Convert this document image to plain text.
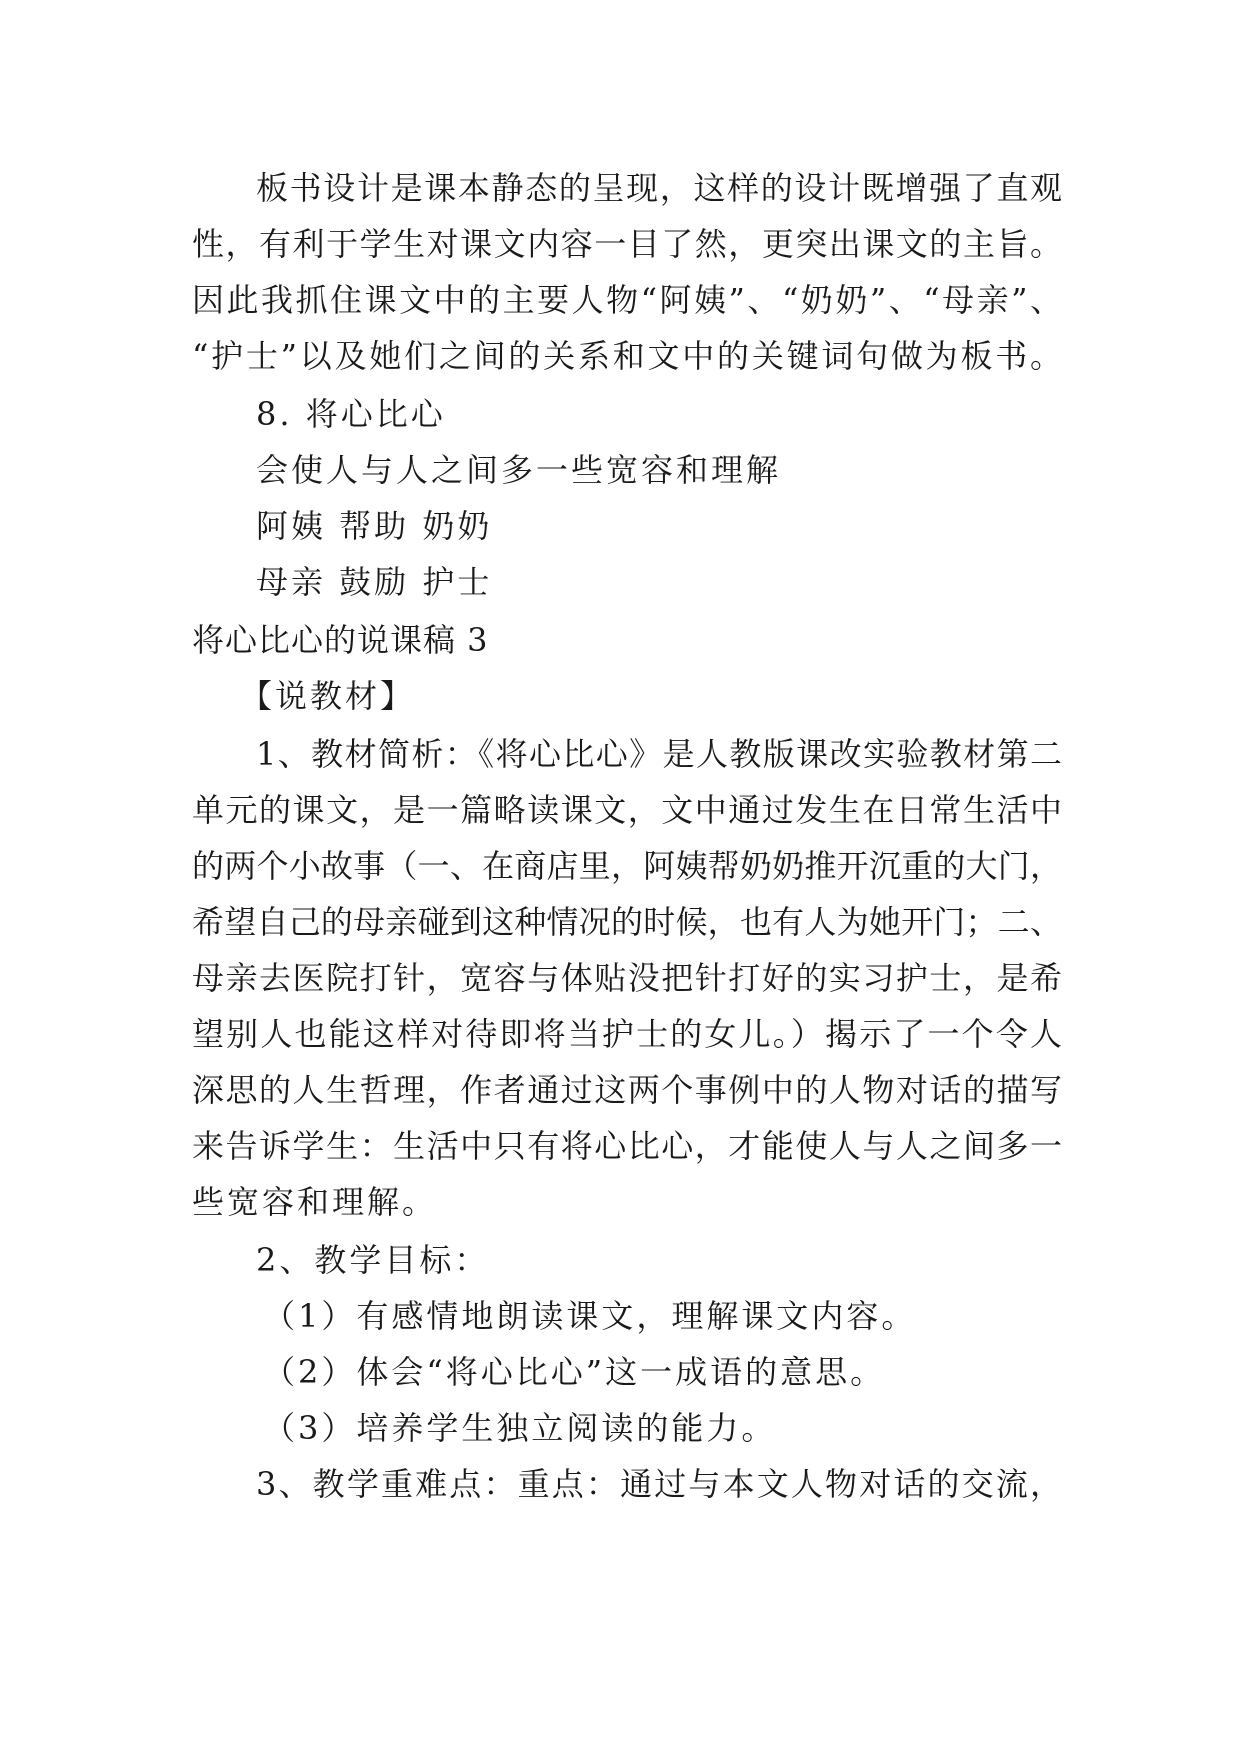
板书设计是课本静态的呈现，这样的设计既增强了直观

性，有利于学生对课文内容一目了然，更突出课文的主旨。

因此我抓住课文中的主要人物“阿姨”、“奶奶”、“母亲”、

“护士”以及她们之间的关系和文中的关键词句做为板书。

8. 将心比心

会使人与人之间多一些宽容和理解

阿姨 帮助 奶奶

母亲 鼓励 护士

将心比心的说课稿 3

【说教材】

1、教材简析：《将心比心》是人教版课改实验教材第二

单元的课文，是一篇略读课文，文中通过发生在日常生活中

的两个小故事（一、在商店里，阿姨帮奶奶推开沉重的大门，

希望自己的母亲碰到这种情况的时候，也有人为她开门；二、

母亲去医院打针，宽容与体贴没把针打好的实习护士，是希

望别人也能这样对待即将当护士的女儿。）揭示了一个令人

深思的人生哲理，作者通过这两个事例中的人物对话的描写

来告诉学生：生活中只有将心比心，才能使人与人之间多一

些宽容和理解。

2、教学目标：

（1）有感情地朗读课文，理解课文内容。

（2）体会“将心比心”这一成语的意思。

（3）培养学生独立阅读的能力。

3、教学重难点：重点：通过与本文人物对话的交流，
